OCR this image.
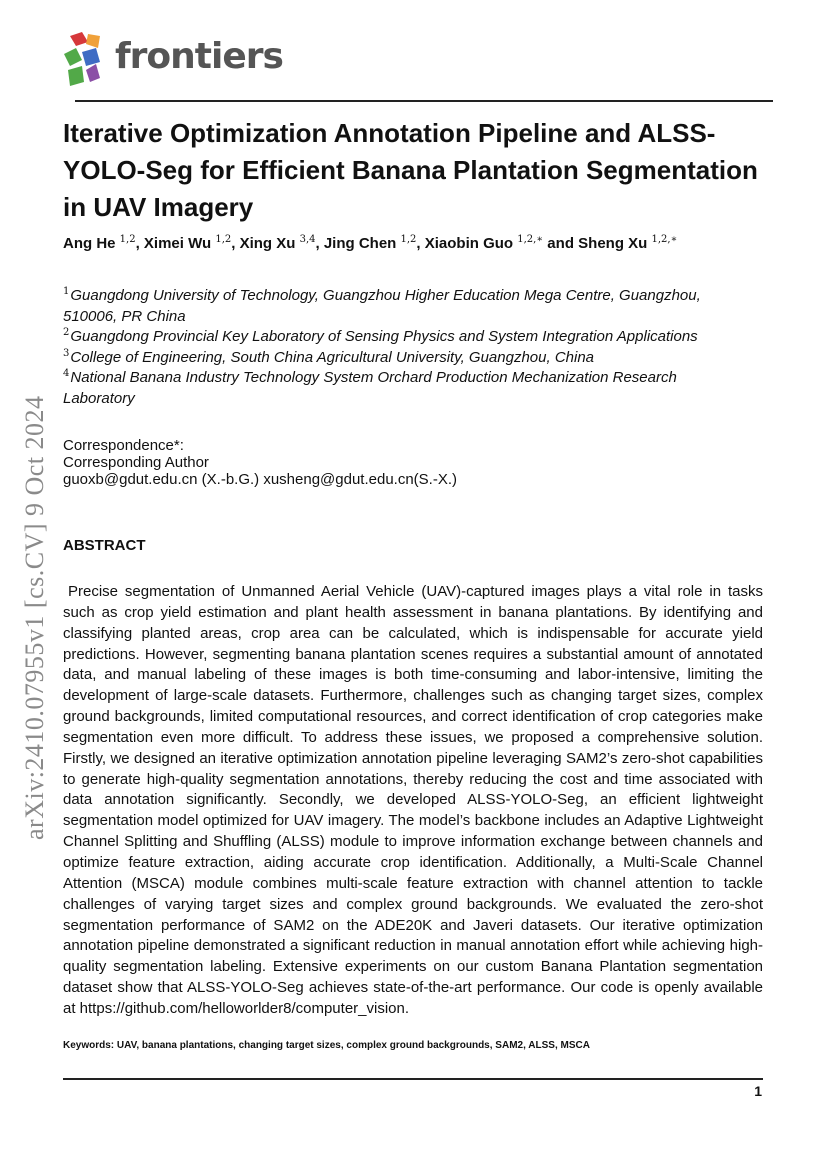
frontiers
arXiv:2410.07955v1 [cs.CV] 9 Oct 2024
Iterative Optimization Annotation Pipeline and ALSS-YOLO-Seg for Efficient Banana Plantation Segmentation in UAV Imagery
Ang He $^{1,2}$, Ximei Wu $^{1,2}$, Xing Xu $^{3,4}$, Jing Chen $^{1,2}$, Xiaobin Guo $^{1,2,∗}$ and Sheng Xu $^{1,2,∗}$

$^1$Guangdong University of Technology, Guangzhou Higher Education Mega Centre, Guangzhou, 510006, PR China

$^2$Guangdong Provincial Key Laboratory of Sensing Physics and System Integration Applications

$^3$College of Engineering, South China Agricultural University, Guangzhou, China

$^4$National Banana Industry Technology System Orchard Production Mechanization Research Laboratory

Correspondence*:
Corresponding Author
guoxb@gdut.edu.cn (X.-b.G.) xusheng@gdut.edu.cn(S.-X.)
ABSTRACT

Precise segmentation of Unmanned Aerial Vehicle (UAV)-captured images plays a vital role in tasks such as crop yield estimation and plant health assessment in banana plantations. By identifying and classifying planted areas, crop area can be calculated, which is indispensable for accurate yield predictions. However, segmenting banana plantation scenes requires a substantial amount of annotated data, and manual labeling of these images is both time-consuming and labor-intensive, limiting the development of large-scale datasets. Furthermore, challenges such as changing target sizes, complex ground backgrounds, limited computational resources, and correct identification of crop categories make segmentation even more difficult. To address these issues, we proposed a comprehensive solution. Firstly, we designed an iterative optimization annotation pipeline leveraging SAM2’s zero-shot capabilities to generate high-quality segmentation annotations, thereby reducing the cost and time associated with data annotation significantly. Secondly, we developed ALSS-YOLO-Seg, an efficient lightweight segmentation model optimized for UAV imagery. The model’s backbone includes an Adaptive Lightweight Channel Splitting and Shuffling (ALSS) module to improve information exchange between channels and optimize feature extraction, aiding accurate crop identification. Additionally, a Multi-Scale Channel Attention (MSCA) module combines multi-scale feature extraction with channel attention to tackle challenges of varying target sizes and complex ground backgrounds. We evaluated the zero-shot segmentation performance of SAM2 on the ADE20K and Javeri datasets. Our iterative optimization annotation pipeline demonstrated a significant reduction in manual annotation effort while achieving high-quality segmentation labeling. Extensive experiments on our custom Banana Plantation segmentation dataset show that ALSS-YOLO-Seg achieves state-of-the-art performance. Our code is openly available at https://github.com/helloworlder8/computer_vision.

Keywords: UAV, banana plantations, changing target sizes, complex ground backgrounds, SAM2, ALSS, MSCA
1
